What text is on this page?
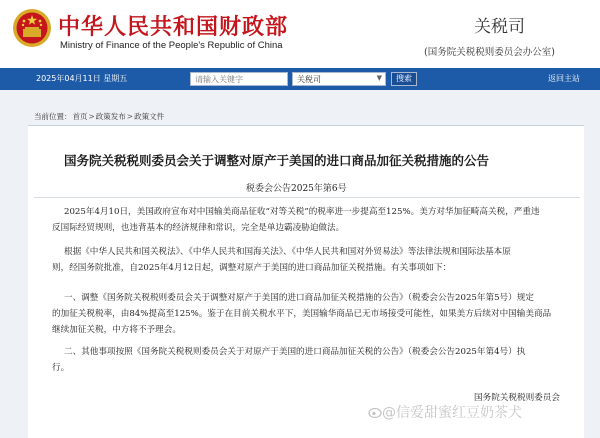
中华人民共和国财政部
Ministry of Finance of the People's Republic of China
关税司
(国务院关税税则委员会办公室)
2025年04月11日 星期五
请输入关键字	关税司	▼	搜索	返回主站
当前位置：首页>政策发布>政策文件
国务院关税税则委员会关于调整对原产于美国的进口商品加征关税措施的公告
税委会公告2025年第6号
2025年4月10日，美国政府宣布对中国输美商品征收“对等关税”的税率进一步提高至125%。美方对华加征畸高关税，严重违
反国际经贸规则，也违背基本的经济规律和常识，完全是单边霸凌胁迫做法。
根据《中华人民共和国关税法》、《中华人民共和国海关法》、《中华人民共和国对外贸易法》等法律法规和国际法基本原
则，经国务院批准，自2025年4月12日起，调整对原产于美国的进口商品加征关税措施。有关事项如下：
一、调整《国务院关税税则委员会关于调整对原产于美国的进口商品加征关税措施的公告》（税委会公告2025年第5号）规定
的加征关税税率，由84%提高至125%。鉴于在目前关税水平下，美国输华商品已无市场接受可能性，如果美方后续对中国输美商品
继续加征关税，中方将不予理会。
二、其他事项按照《国务院关税税则委员会关于对原产于美国的进口商品加征关税的公告》（税委会公告2025年第4号）执
行。
国务院关税税则委员会
@信爱甜蜜红豆奶茶犬
